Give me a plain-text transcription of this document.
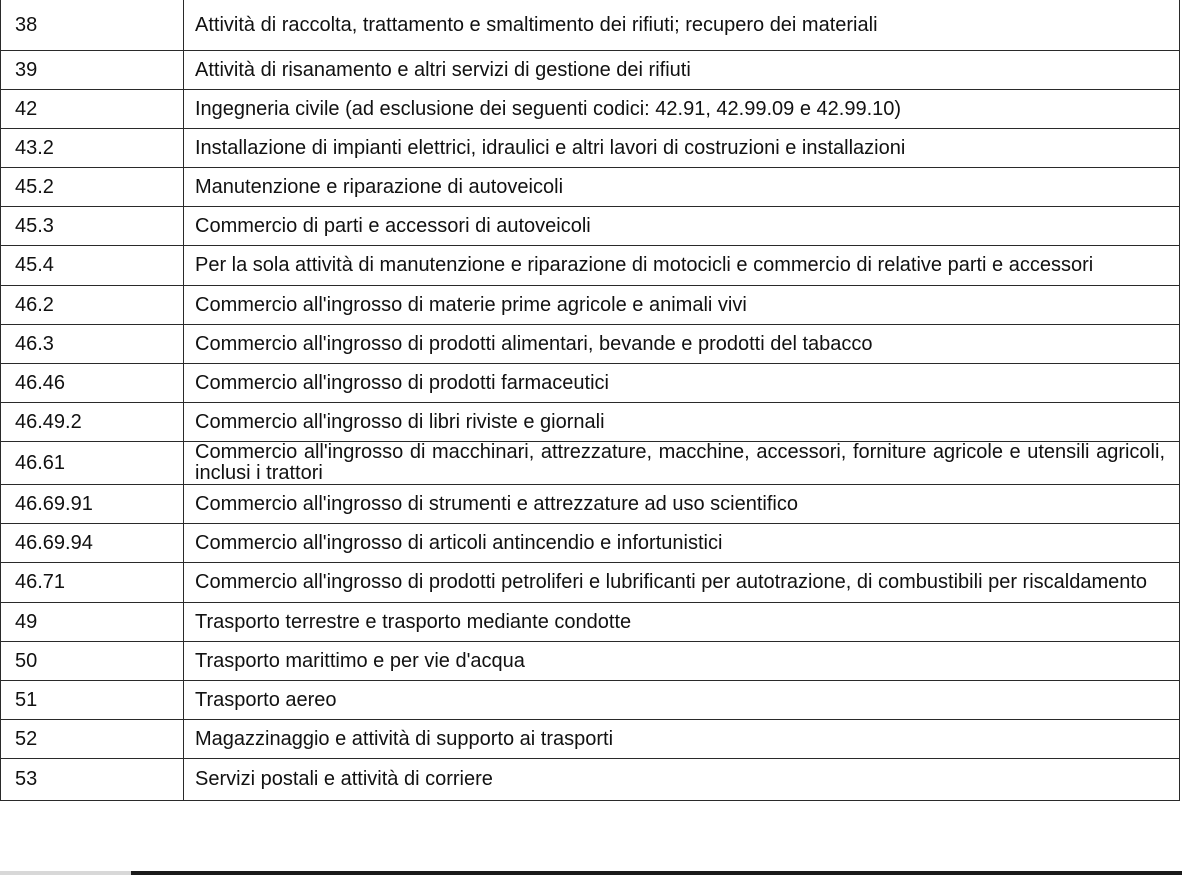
38	Attività di raccolta, trattamento e smaltimento dei rifiuti; recupero dei materiali
39	Attività di risanamento e altri servizi di gestione dei rifiuti
42	Ingegneria civile (ad esclusione dei seguenti codici: 42.91, 42.99.09 e 42.99.10)
43.2	Installazione di impianti elettrici, idraulici e altri lavori di costruzioni e installazioni
45.2	Manutenzione e riparazione di autoveicoli
45.3	Commercio di parti e accessori di autoveicoli
45.4	Per la sola attività di manutenzione e riparazione di motocicli e commercio di relative parti e accessori
46.2	Commercio all'ingrosso di materie prime agricole e animali vivi
46.3	Commercio all'ingrosso di prodotti alimentari, bevande e prodotti del tabacco
46.46	Commercio all'ingrosso di prodotti farmaceutici
46.49.2	Commercio all'ingrosso di libri riviste e giornali
46.61	Commercio all'ingrosso di macchinari, attrezzature, macchine, accessori, forniture agricole e utensili agricoli, inclusi i trattori
46.69.91	Commercio all'ingrosso di strumenti e attrezzature ad uso scientifico
46.69.94	Commercio all'ingrosso di articoli antincendio e infortunistici
46.71	Commercio all'ingrosso di prodotti petroliferi e lubrificanti per autotrazione, di combustibili per riscaldamento
49	Trasporto terrestre e trasporto mediante condotte
50	Trasporto marittimo e per vie d'acqua
51	Trasporto aereo
52	Magazzinaggio e attività di supporto ai trasporti
53	Servizi postali e attività di corriere
